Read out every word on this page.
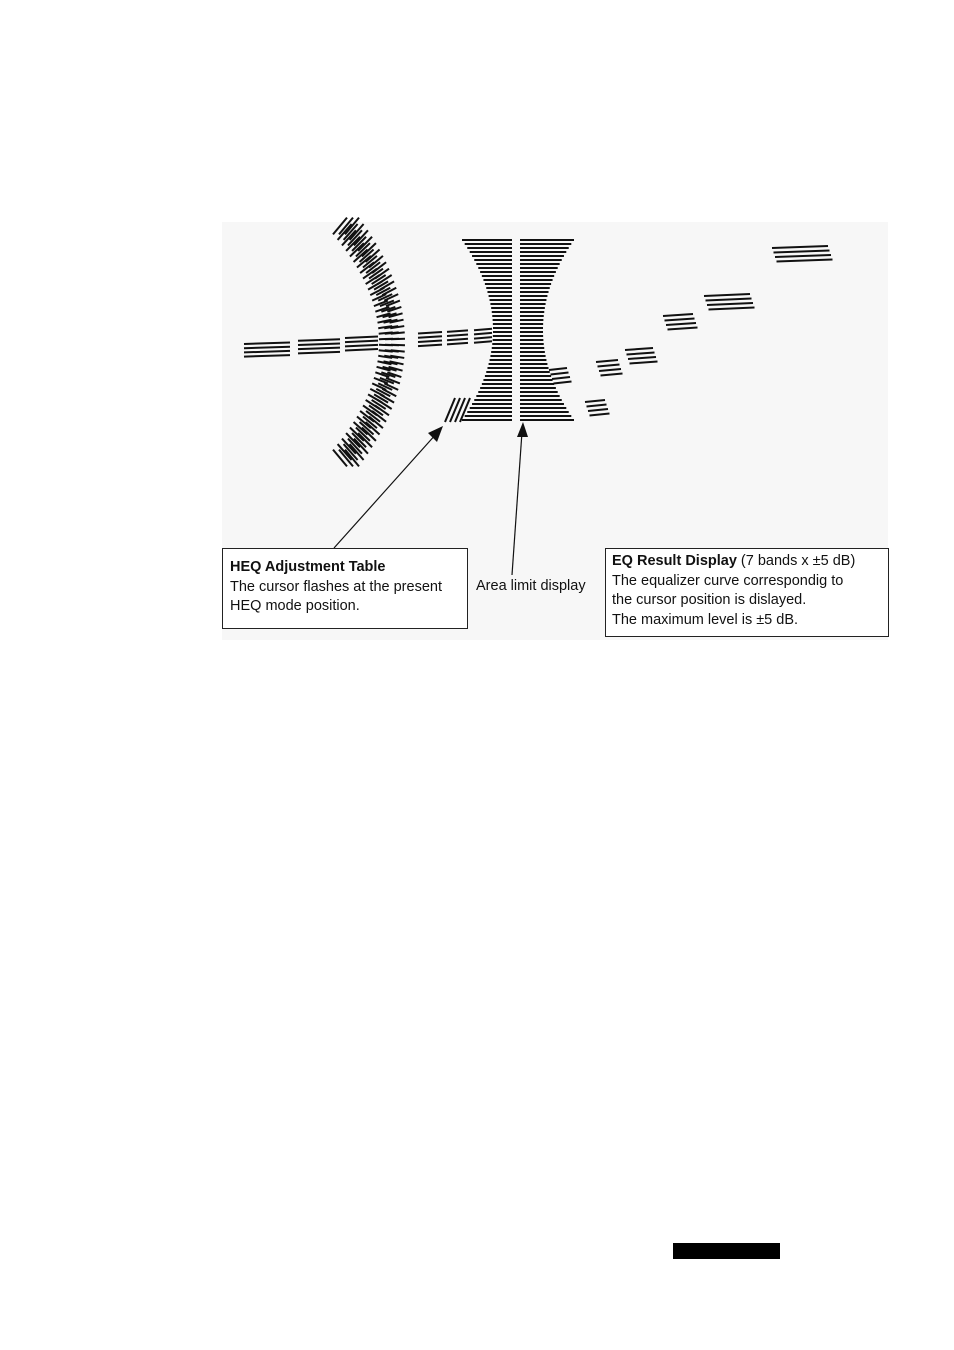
HEQ Adjustment Table
The cursor flashes at the present
HEQ mode position.
Area limit display
EQ Result Display (7 bands x ±5 dB)
The equalizer curve correspondig to
the cursor position is dislayed.
The maximum level is ±5 dB.
